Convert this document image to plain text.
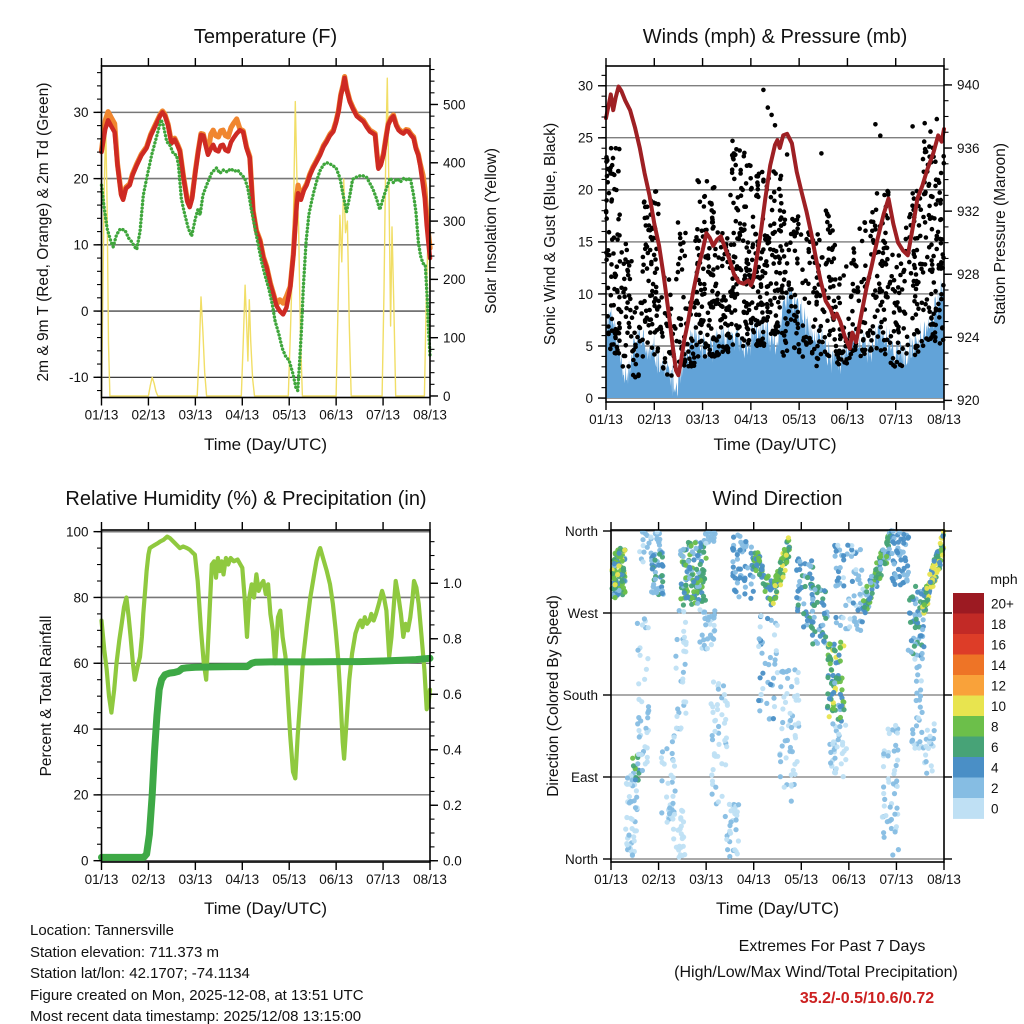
01/13 02/13 03/13 04/13 05/13 06/13 07/13 08/13
30
20
10
0
-10
500
400
300
200
100
0
01/13 02/13 03/13 04/13 05/13 06/13 07/13 08/13
30
25
20
15
10
5
0
940
936
932
928
924
920
01/13 02/13 03/13 04/13 05/13 06/13 07/13 08/13
100
80
60
40
20
0
1.0
0.8
0.6
0.4
0.2
0.0
01/13 02/13 03/13 04/13 05/13 06/13 07/13 08/13
North
West
South
East
North
20+
18
16
14
12
10
8
6
4
2
0
mph
Temperature (F)	Winds (mph) & Pressure (mb)
Relative Humidity (%) & Precipitation (in)	Wind Direction
2m & 9m T (Red, Orange) & 2m Td (Green)	Solar Insolation (Yellow)	Sonic Wind & Gust (Blue, Black)	Station Pressure (Maroon)
Percent & Total Rainfall	Direction (Colored By Speed)
Time (Day/UTC)	Time (Day/UTC)
Time (Day/UTC)	Time (Day/UTC)
Location: Tannersville
Station elevation: 711.373 m
Station lat/lon: 42.1707; -74.1134
Figure created on Mon, 2025-12-08, at 13:51 UTC
Most recent data timestamp: 2025/12/08 13:15:00
Extremes For Past 7 Days
(High/Low/Max Wind/Total Precipitation)
35.2/-0.5/10.6/0.72
